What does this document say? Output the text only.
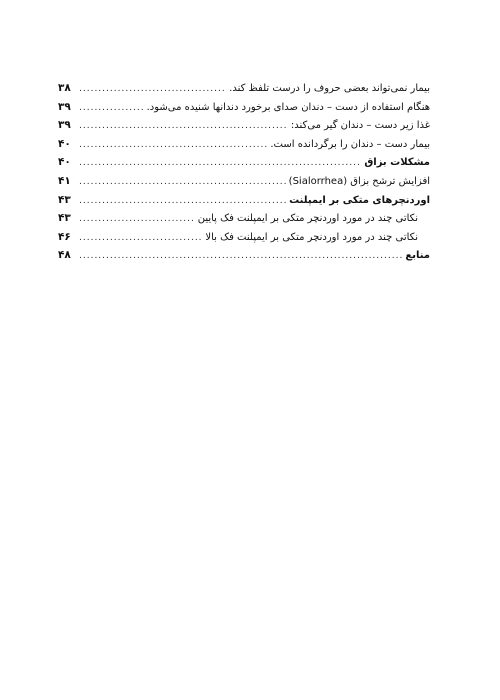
بیمار نمی‌تواند بعضی حروف را درست تلفظ کند.
.....
۳۸
هنگام استفاده از دست – دندان صدای برخورد دندانها شنیده می‌شود.
.....
۳۹
غذا زیر دست – دندان گیر می‌کند:
.....
۳۹
بیمار دست – دندان را برگردانده است.
.....
۴۰
مشکلات بزاق
.....
۴۰
افزایش ترشح بزاق (Sialorrhea)
.....
۴۱
اوردنچرهای متکی بر ایمپلنت
.....
۴۳
نکاتی چند در مورد اوردنچر متکی بر ایمپلنت فک پایین
.....
۴۳
نکاتی چند در مورد اوردنچر متکی بر ایمپلنت فک بالا
.....
۴۶
منابع
.....
۴۸
